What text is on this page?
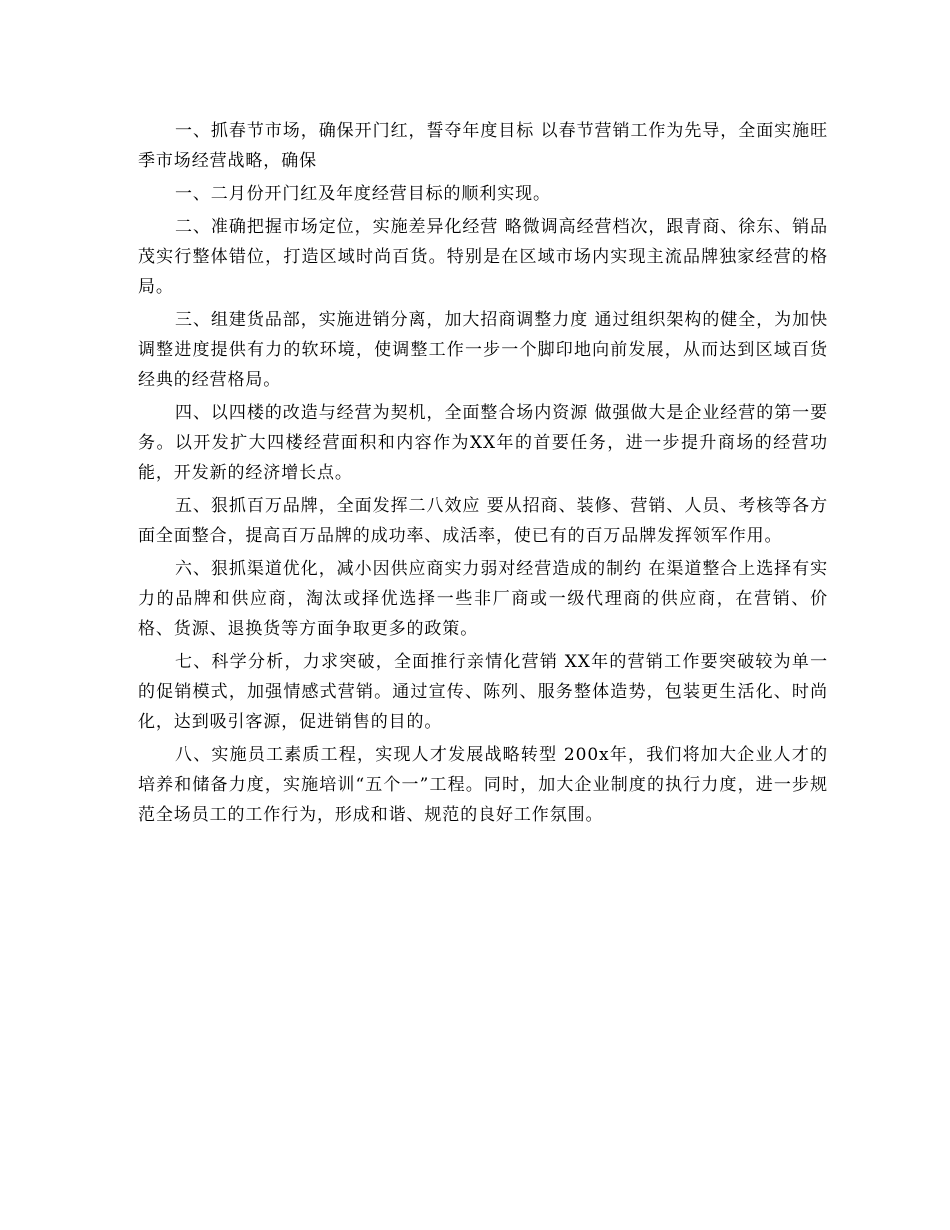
一、抓春节市场，确保开门红，誓夺年度目标 以春节营销工作为先导，全面实施旺季市场经营战略，确保

一、二月份开门红及年度经营目标的顺利实现。

二、准确把握市场定位，实施差异化经营 略微调高经营档次，跟青商、徐东、销品茂实行整体错位，打造区域时尚百货。特别是在区域市场内实现主流品牌独家经营的格局。

三、组建货品部，实施进销分离，加大招商调整力度 通过组织架构的健全，为加快调整进度提供有力的软环境，使调整工作一步一个脚印地向前发展，从而达到区域百货经典的经营格局。

四、以四楼的改造与经营为契机，全面整合场内资源 做强做大是企业经营的第一要务。以开发扩大四楼经营面积和内容作为XX年的首要任务，进一步提升商场的经营功能，开发新的经济增长点。

五、狠抓百万品牌，全面发挥二八效应 要从招商、装修、营销、人员、考核等各方面全面整合，提高百万品牌的成功率、成活率，使已有的百万品牌发挥领军作用。

六、狠抓渠道优化，减小因供应商实力弱对经营造成的制约 在渠道整合上选择有实力的品牌和供应商，淘汰或择优选择一些非厂商或一级代理商的供应商，在营销、价格、货源、退换货等方面争取更多的政策。

七、科学分析，力求突破，全面推行亲情化营销 XX年的营销工作要突破较为单一的促销模式，加强情感式营销。通过宣传、陈列、服务整体造势，包装更生活化、时尚化，达到吸引客源，促进销售的目的。

八、实施员工素质工程，实现人才发展战略转型 200x年，我们将加大企业人才的培养和储备力度，实施培训“五个一”工程。同时，加大企业制度的执行力度，进一步规范全场员工的工作行为，形成和谐、规范的良好工作氛围。
